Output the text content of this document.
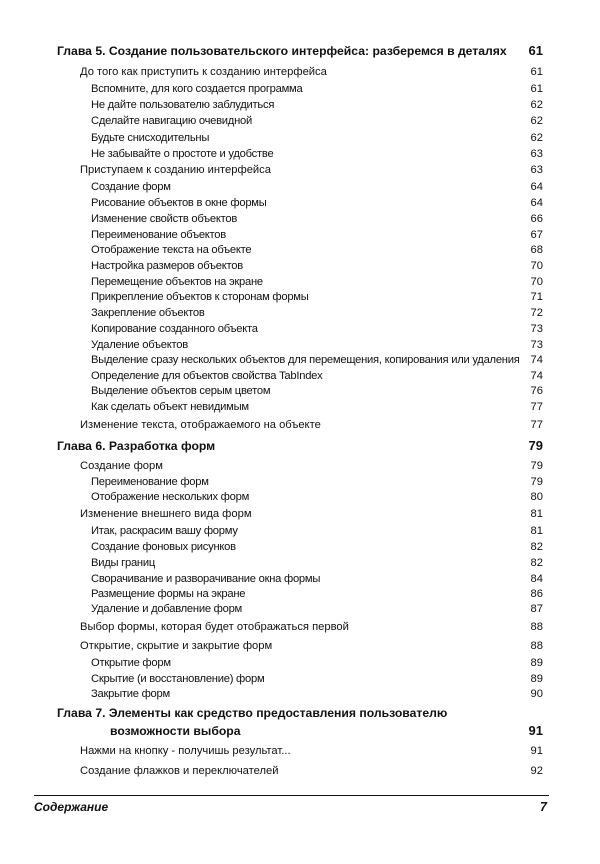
Глава 5. Создание пользовательского интерфейса: разберемся в деталях 61
До того как приступить к созданию интерфейса	61
Вспомните, для кого создается программа	61
Не дайте пользователю заблудиться	62
Сделайте навигацию очевидной	62
Будьте снисходительны	62
Не забывайте о простоте и удобстве	63
Приступаем к созданию интерфейса	63
Создание форм	64
Рисование объектов в окне формы	64
Изменение свойств объектов	66
Переименование объектов	67
Отображение текста на объекте	68
Настройка размеров объектов	70
Перемещение объектов на экране	70
Прикрепление объектов к сторонам формы	71
Закрепление объектов	72
Копирование созданного объекта	73
Удаление объектов	73
Выделение сразу нескольких объектов для перемещения, копирования или удаления 74
Определение для объектов свойства TabIndex	74
Выделение объектов серым цветом	76
Как сделать объект невидимым	77
Изменение текста, отображаемого на объекте	77
Глава 6. Разработка форм	79
Создание форм	79
Переименование форм	79
Отображение нескольких форм	80
Изменение внешнего вида форм	81
Итак, раскрасим вашу форму	81
Создание фоновых рисунков	82
Виды границ	82
Сворачивание и разворачивание окна формы	84
Размещение формы на экране	86
Удаление и добавление форм	87
Выбор формы, которая будет отображаться первой	88
Открытие, скрытие и закрытие форм	88
Открытие форм	89
Скрытие (и восстановление) форм	89
Закрытие форм	90
Глава 7. Элементы как средство предоставления пользователю
возможности выбора	91
Нажми на кнопку - получишь результат...	91
Создание флажков и переключателей	92
Содержание	7
